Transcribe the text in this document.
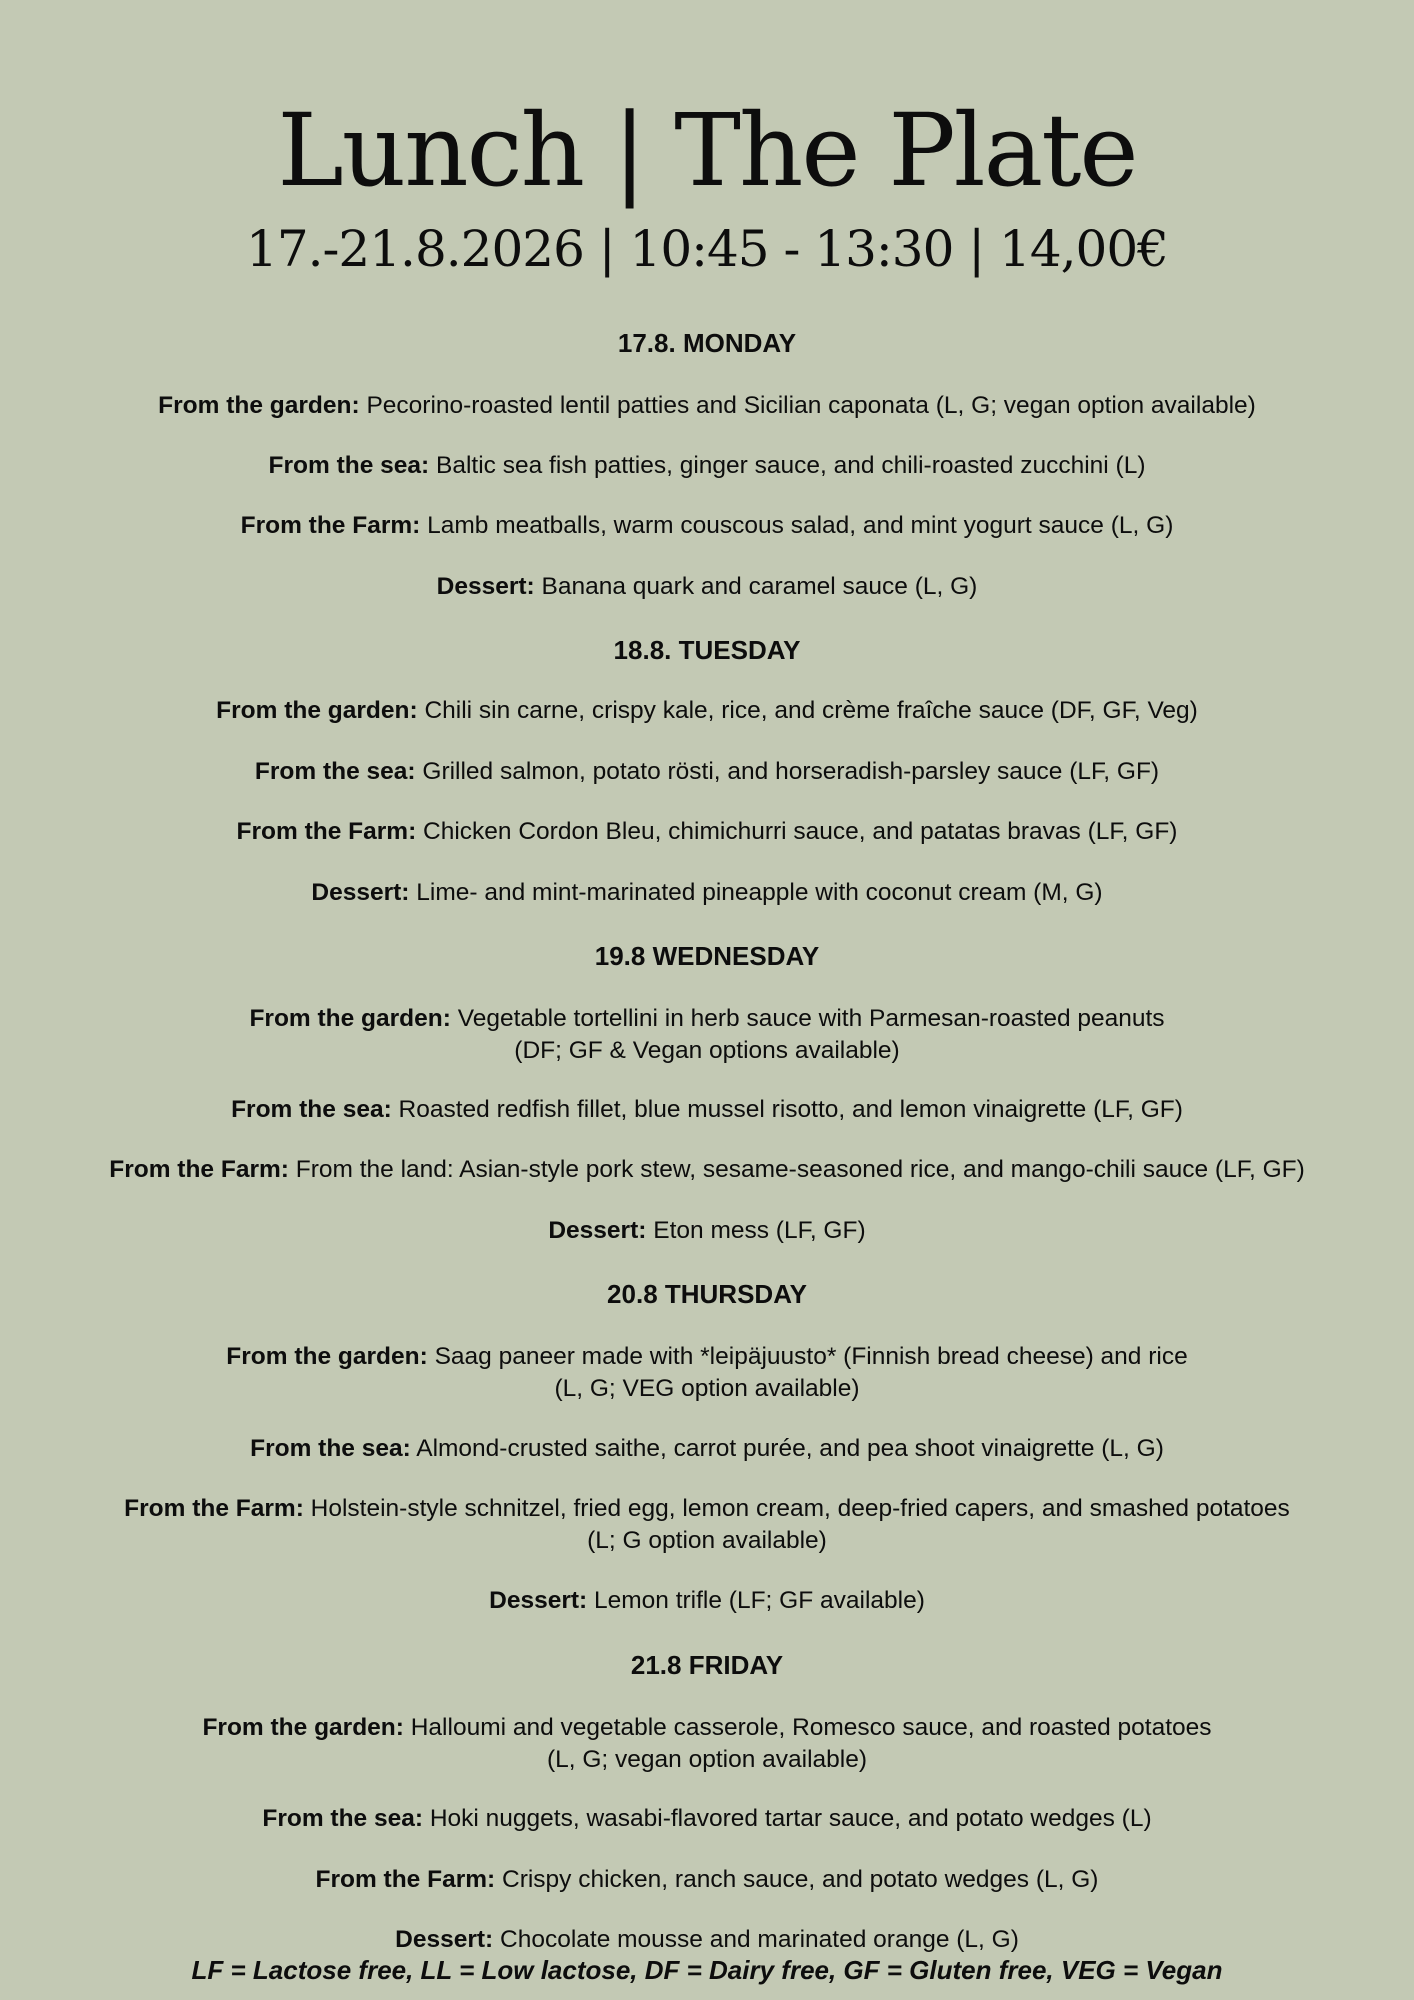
Lunch | The Plate

17.-21.8.2026 | 10:45 - 13:30 | 14,00€

17.8. MONDAY

From the garden: Pecorino-roasted lentil patties and Sicilian caponata (L, G; vegan option available)

From the sea: Baltic sea fish patties, ginger sauce, and chili-roasted zucchini (L)

From the Farm: Lamb meatballs, warm couscous salad, and mint yogurt sauce (L, G)

Dessert: Banana quark and caramel sauce (L, G)

18.8. TUESDAY

From the garden: Chili sin carne, crispy kale, rice, and crème fraîche sauce (DF, GF, Veg)

From the sea: Grilled salmon, potato rösti, and horseradish-parsley sauce (LF, GF)

From the Farm: Chicken Cordon Bleu, chimichurri sauce, and patatas bravas (LF, GF)

Dessert: Lime- and mint-marinated pineapple with coconut cream (M, G)

19.8 WEDNESDAY

From the garden: Vegetable tortellini in herb sauce with Parmesan-roasted peanuts

(DF; GF & Vegan options available)

From the sea: Roasted redfish fillet, blue mussel risotto, and lemon vinaigrette (LF, GF)

From the Farm: From the land: Asian-style pork stew, sesame-seasoned rice, and mango-chili sauce (LF, GF)

Dessert: Eton mess (LF, GF)

20.8 THURSDAY

From the garden: Saag paneer made with *leipäjuusto* (Finnish bread cheese) and rice

(L, G; VEG option available)

From the sea: Almond-crusted saithe, carrot purée, and pea shoot vinaigrette (L, G)

From the Farm: Holstein-style schnitzel, fried egg, lemon cream, deep-fried capers, and smashed potatoes

(L; G option available)

Dessert: Lemon trifle (LF; GF available)

21.8 FRIDAY

From the garden: Halloumi and vegetable casserole, Romesco sauce, and roasted potatoes

(L, G; vegan option available)

From the sea: Hoki nuggets, wasabi-flavored tartar sauce, and potato wedges (L)

From the Farm: Crispy chicken, ranch sauce, and potato wedges (L, G)

Dessert: Chocolate mousse and marinated orange (L, G)

LF = Lactose free, LL = Low lactose, DF = Dairy free, GF = Gluten free, VEG = Vegan
